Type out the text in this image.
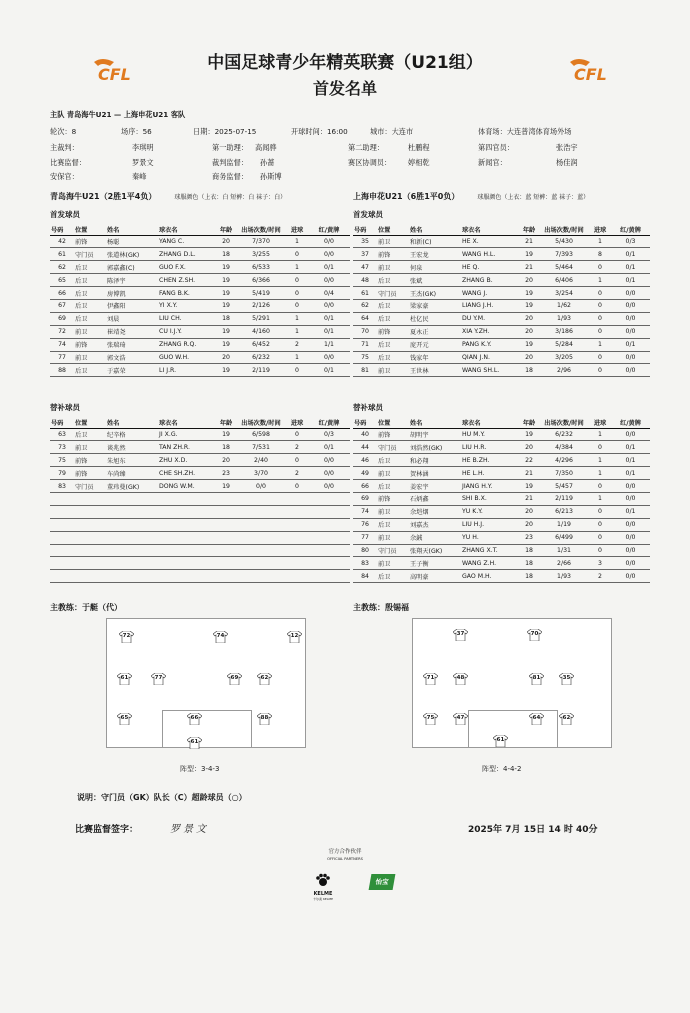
CFL	CFL
中国足球青少年精英联赛（U21组）
首发名单
主队 青岛海牛U21 — 上海申花U21 客队
轮次：8	场序：56	日期：2025-07-15	开球时间：16:00	城市：大连市	体育场：大连普湾体育场外场
主裁判：	李琪明	第一助理： 高闻骅	第二助理：	杜鹏程	第四官员：	张浩宇
比赛监督：	罗景文	裁判监督： 孙蔷	赛区协调员： 婷相乾	新闻官：	杨佳润
安保官：	秦峰	商务监督： 孙斯博
青岛海牛U21（2胜1平4负）	球服颜色（上衣：白 短裤：白 袜子：白）	上海申花U21（6胜1平0负）	球服颜色（上衣：蓝 短裤：蓝 袜子：蓝）
首发球员	首发球员
号码	位置	姓名	球衣名	年龄	出场次数/时间	进球	红/黄牌
42	前锋	杨聪	YANG C.	20	7/370	1	0/0
61	守门员	张道林(GK)	ZHANG D.L.	18	3/255	0	0/0
62	后卫	郭嘉鑫(C)	GUO F.X.	19	6/533	1	0/1
65	后卫	陈泽宇	CHEN Z.SH.	19	6/366	0	0/0
66	后卫	房博凯	FANG B.K.	19	5/419	0	0/4
67	后卫	伊鑫阳	YI X.Y.	19	2/126	0	0/0
69	后卫	刘晨	LIU CH.	18	5/291	1	0/1
72	前卫	崔靖尧	CU I.J.Y.	19	4/160	1	0/1
74	前锋	张瑞琦	ZHANG R.Q.	19	6/452	2	1/1
77	前卫	郭文浩	GUO W.H.	20	6/232	1	0/0
88	后卫	于嘉荣	LI J.R.	19	2/119	0	0/1
号码	位置	姓名	球衣名	年龄	出场次数/时间	进球	红/黄牌
35	前卫	和新(C)	HE X.	21	5/430	1	0/3
37	前锋	王宏龙	WANG H.L.	19	7/393	8	0/1
47	前卫	何泉	HE Q.	21	5/464	0	0/1
48	后卫	张斌	ZHANG B.	20	6/406	1	0/1
61	守门员	王杰(GK)	WANG J.	19	3/254	0	0/0
62	后卫	梁家豪	LIANG J.H.	19	1/62	0	0/0
64	后卫	杜亿民	DU Y.M.	20	1/93	0	0/0
70	前锋	夏永正	XIA Y.ZH.	20	3/186	0	0/0
71	后卫	庞开元	PANG K.Y.	19	5/284	1	0/1
75	后卫	钱家年	QIAN J.N.	20	3/205	0	0/0
81	前卫	王世林	WANG SH.L.	18	2/96	0	0/0
替补球员	替补球员
号码	位置	姓名	球衣名	年龄	出场次数/时间	进球	红/黄牌
63	后卫	纪辛格	JI X.G.	19	6/598	0	0/3
73	前卫	谈兆然	TAN ZH.R.	18	7/531	2	0/1
75	前锋	朱旭东	ZHU X.D.	20	2/40	0	0/0
79	前锋	车尚臻	CHE SH.ZH.	23	3/70	2	0/0
83	守门员	董玮曼(GK)	DONG W.M.	19	0/0	0	0/0

号码	位置	姓名	球衣名	年龄	出场次数/时间	进球	红/黄牌
40	前锋	胡明宇	HU M.Y.	19	6/232	1	0/0
44	守门员	刘浩然(GK)	LIU H.R.	20	4/384	0	0/1
46	后卫	和必翔	HE B.ZH.	22	4/296	1	0/1
49	前卫	贺林涵	HE L.H.	21	7/350	1	0/1
66	后卫	姜宏宇	JIANG H.Y.	19	5/457	0	0/0
69	前锋	石炳鑫	SHI B.X.	21	2/119	1	0/0
74	前卫	余垲烟	YU K.Y.	20	6/213	0	0/1
76	后卫	刘嘉杰	LIU H.J.	20	1/19	0	0/0
77	前卫	余銊	YU H.	23	6/499	0	0/0
80	守门员	张翔天(GK)	ZHANG X.T.	18	1/31	0	0/0
83	前卫	王子衡	WANG Z.H.	18	2/66	3	0/0
84	后卫	高明豪	GAO M.H.	18	1/93	2	0/0
主教练：于艇（代）	主教练：殷锡福
72	74	12
61	77	69	62
65	66	88
61
37	70
71	48	81	35
75	47	64	62
61
阵型：3-4-3	阵型：4-4-2
说明：守门员（GK）队长（C）超龄球员（○）
比赛监督签字：	罗景文	2025年 7月 15日 14 时 40分
官方合作伙伴
OFFICIAL PARTNERS
KELME
卡尔美 KELME
怡宝
